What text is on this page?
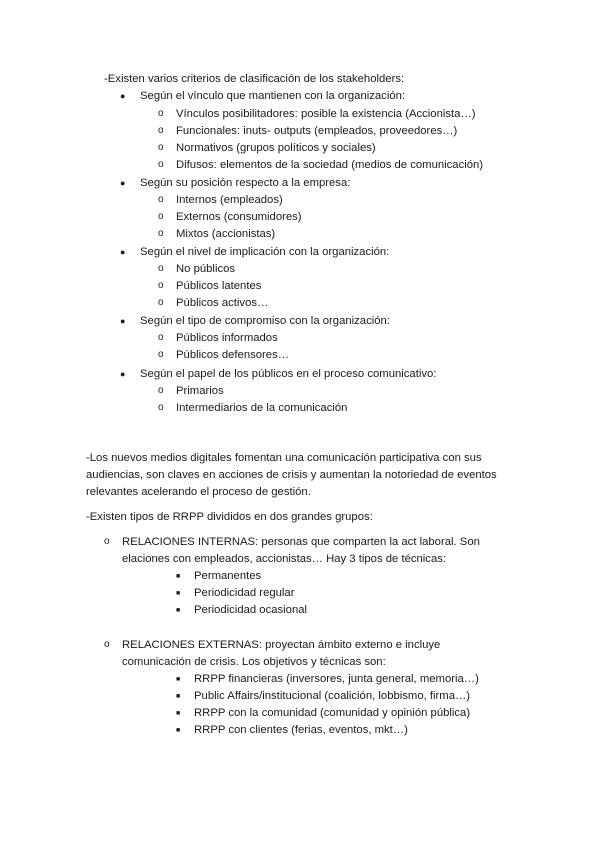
-Existen varios criterios de clasificación de los stakeholders:
● Según el vínculo que mantienen con la organización:
o Vínculos posibilitadores: posible la existencia (Accionista…)
o Funcionales: inuts- outputs (empleados, proveedores…)
o Normativos (grupos políticos y sociales)
o Difusos: elementos de la sociedad (medios de comunicación)
● Según su posición respecto a la empresa:
o Internos (empleados)
o Externos (consumidores)
o Mixtos (accionistas)
● Según el nivel de implicación con la organización:
o No públicos
o Públicos latentes
o Públicos activos…
● Según el tipo de compromiso con la organización:
o Públicos informados
o Públicos defensores…
● Según el papel de los públicos en el proceso comunicativo:
o Primarios
o Intermediarios de la comunicación
-Los nuevos medios digitales fomentan una comunicación participativa con sus
audiencias, son claves en acciones de crisis y aumentan la notoriedad de eventos
relevantes acelerando el proceso de gestión.
-Existen tipos de RRPP divididos en dos grandes grupos:
o RELACIONES INTERNAS: personas que comparten la act laboral. Son
elaciones con empleados, accionistas… Hay 3 tipos de técnicas:
■ Permanentes
■ Periodicidad regular
■ Periodicidad ocasional
o RELACIONES EXTERNAS: proyectan ámbito externo e incluye
comunicación de crisis. Los objetivos y técnicas son:
■ RRPP financieras (inversores, junta general, memoria…)
■ Public Affairs/institucional (coalición, lobbismo, firma…)
■ RRPP con la comunidad (comunidad y opinión pública)
■ RRPP con clientes (ferias, eventos, mkt…)
